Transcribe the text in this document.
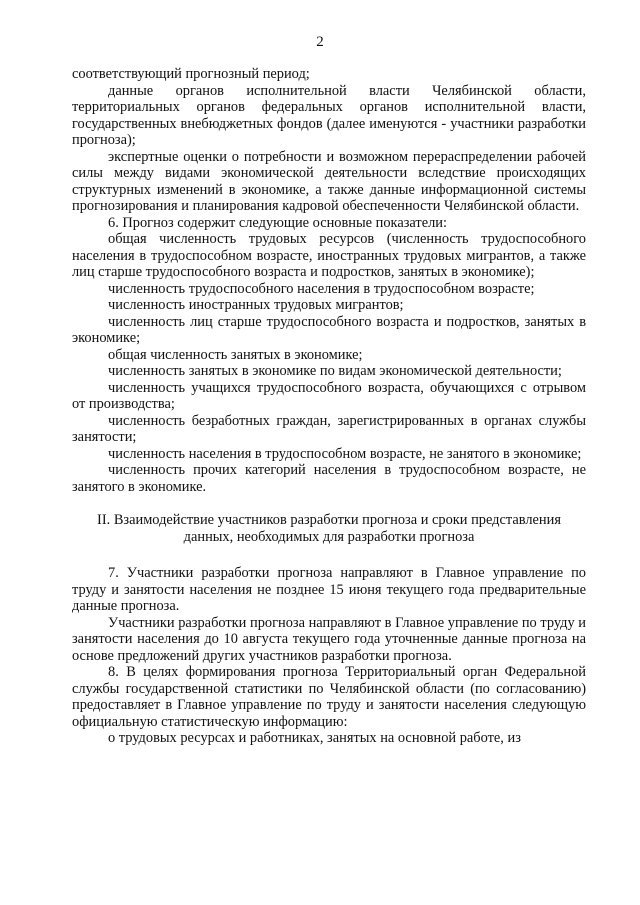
2

соответствующий прогнозный период;

данные органов исполнительной власти Челябинской области, территориальных органов федеральных органов исполнительной власти, государственных внебюджетных фондов (далее именуются - участники разработки прогноза);

экспертные оценки о потребности и возможном перераспределении рабочей силы между видами экономической деятельности вследствие происходящих структурных изменений в экономике, а также данные информационной системы прогнозирования и планирования кадровой обеспеченности Челябинской области.

6. Прогноз содержит следующие основные показатели:

общая численность трудовых ресурсов (численность трудоспособного населения в трудоспособном возрасте, иностранных трудовых мигрантов, а также лиц старше трудоспособного возраста и подростков, занятых в экономике);

численность трудоспособного населения в трудоспособном возрасте;

численность иностранных трудовых мигрантов;

численность лиц старше трудоспособного возраста и подростков, занятых в экономике;

общая численность занятых в экономике;

численность занятых в экономике по видам экономической деятельности;

численность учащихся трудоспособного возраста, обучающихся с отрывом от производства;

численность безработных граждан, зарегистрированных в органах службы занятости;

численность населения в трудоспособном возрасте, не занятого в экономике;

численность прочих категорий населения в трудоспособном возрасте, не занятого в экономике.

II. Взаимодействие участников разработки прогноза и сроки представления данных, необходимых для разработки прогноза

7. Участники разработки прогноза направляют в Главное управление по труду и занятости населения не позднее 15 июня текущего года предварительные данные прогноза.

Участники разработки прогноза направляют в Главное управление по труду и занятости населения до 10 августа текущего года уточненные данные прогноза на основе предложений других участников разработки прогноза.

8. В целях формирования прогноза Территориальный орган Федеральной службы государственной статистики по Челябинской области (по согласованию) предоставляет в Главное управление по труду и занятости населения следующую официальную статистическую информацию:

о трудовых ресурсах и работниках, занятых на основной работе, из
